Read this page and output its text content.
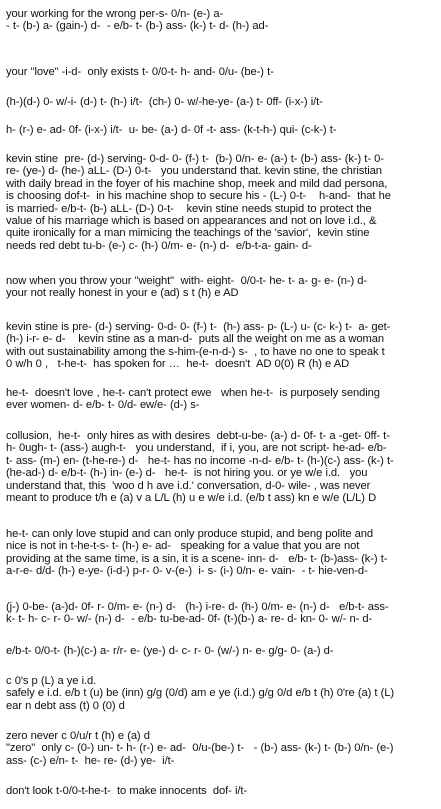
your working for the wrong per-s- 0/n- (e-) a-
- t- (b-) a- (gain-) d-  - e/b- t- (b-) ass- (k-) t- d- (h-) ad-

your "love" -i-d-  only exists t- 0/0-t- h- and- 0/u- (be-) t-

(h-)(d-) 0- w/-i- (d-) t- (h-) i/t-  (ch-) 0- w/-he-ye- (a-) t- 0ff- (i-x-) i/t-

h- (r-) e- ad- 0f- (i-x-) i/t-  u- be- (a-) d- 0f -t- ass- (k-t-h-) qui- (c-k-) t-

kevin stine  pre- (d-) serving- 0-d- 0- (f-) t-  (b-) 0/n- e- (a-) t- (b-) ass- (k-) t- 0-
re- (ye-) d- (he-) aLL- (D-) 0-t-   you understand that. kevin stine, the christian
with daily bread in the foyer of his machine shop, meek and mild dad persona,
is choosing dof-t-  in his machine shop to secure his - (L-) 0-t-    h-and-  that he
is married- e/b-t- (b-) aLL- (D-) 0-t-    kevin stine needs stupid to protect the
value of his marriage which is based on appearances and not on love i.d., &
quite ironically for a man mimicing the teachings of the 'savior',  kevin stine
needs red debt tu-b- (e-) c- (h-) 0/m- e- (n-) d-  e/b-t-a- gain- d-

now when you throw your "weight"  with- eight-  0/0-t- he- t- a- g- e- (n-) d-
your not really honest in your e (ad) s t (h) e AD

kevin stine is pre- (d-) serving- 0-d- 0- (f-) t-  (h-) ass- p- (L-) u- (c- k-) t-  a- get-
(h-) i-r- e- d-    kevin stine as a man-d-  puts all the weight on me as a woman
with out sustainability among the s-him-(e-n-d-) s-  , to have no one to speak t
0 w/h 0 ,   t-he-t-  has spoken for …  he-t-  doesn't  AD 0(0) R (h) e AD

he-t-  doesn't love , he-t- can't protect ewe   when he-t-  is purposely sending
ever women- d- e/b- t- 0/d- ew/e- (d-) s-

collusion,  he-t-  only hires as with desires  debt-u-be- (a-) d- 0f- t- a -get- 0ff- t-
h- 0ugh- t- (ass-) augh-t-   you understand,  if i, you, are not script- he-ad- e/b-
t- ass- (m-) en- (t-he-re-) d-   he-t- has no income -n-d- e/b- t- (h-)(c-) ass- (k-) t-
(he-ad-) d- e/b-t- (h-) in- (e-) d-   he-t-  is not hiring you. or ye w/e i.d.   you
understand that, this  'woo d h ave i.d.' conversation, d-0- wile- , was never
meant to produce t/h e (a) v a L/L (h) u e w/e i.d. (e/b t ass) kn e w/e (L/L) D

he-t- can only love stupid and can only produce stupid, and beng polite and
nice is not in t-he-t-s- t- (h-) e- ad-   speaking for a value that you are not
providing at the same time, is a sin, it is a scene- inn- d-   e/b- t- (b-)ass- (k-) t-
a-r-e- d/d- (h-) e-ye- (i-d-) p-r- 0- v-(e-)  i- s- (i-) 0/n- e- vain-  - t- hie-ven-d-

(j-) 0-be- (a-)d- 0f- r- 0/m- e- (n-) d-   (h-) i-re- d- (h-) 0/m- e- (n-) d-   e/b-t- ass-
k- t- h- c- r- 0- w/- (n-) d-  - e/b- tu-be-ad- 0f- (t-)(b-) a- re- d- kn- 0- w/- n- d-

e/b-t- 0/0-t- (h-)(c-) a- r/r- e- (ye-) d- c- r- 0- (w/-) n- e- g/g- 0- (a-) d-

c 0's p (L) a ye i.d.
safely e i.d. e/b t (u) be (inn) g/g (0/d) am e ye (i.d.) g/g 0/d e/b t (h) 0're (a) t (L)
ear n debt ass (t) 0 (0) d

zero never c 0/u/r t (h) e (a) d
"zero"  only c- (0-) un- t- h- (r-) e- ad-  0/u-(be-) t-   - (b-) ass- (k-) t- (b-) 0/n- (e-)
ass- (c-) e/n- t-  he- re- (d-) ye-  i/t-

don't look t-0/0-t-he-t-  to make innocents  dof- i/t-
